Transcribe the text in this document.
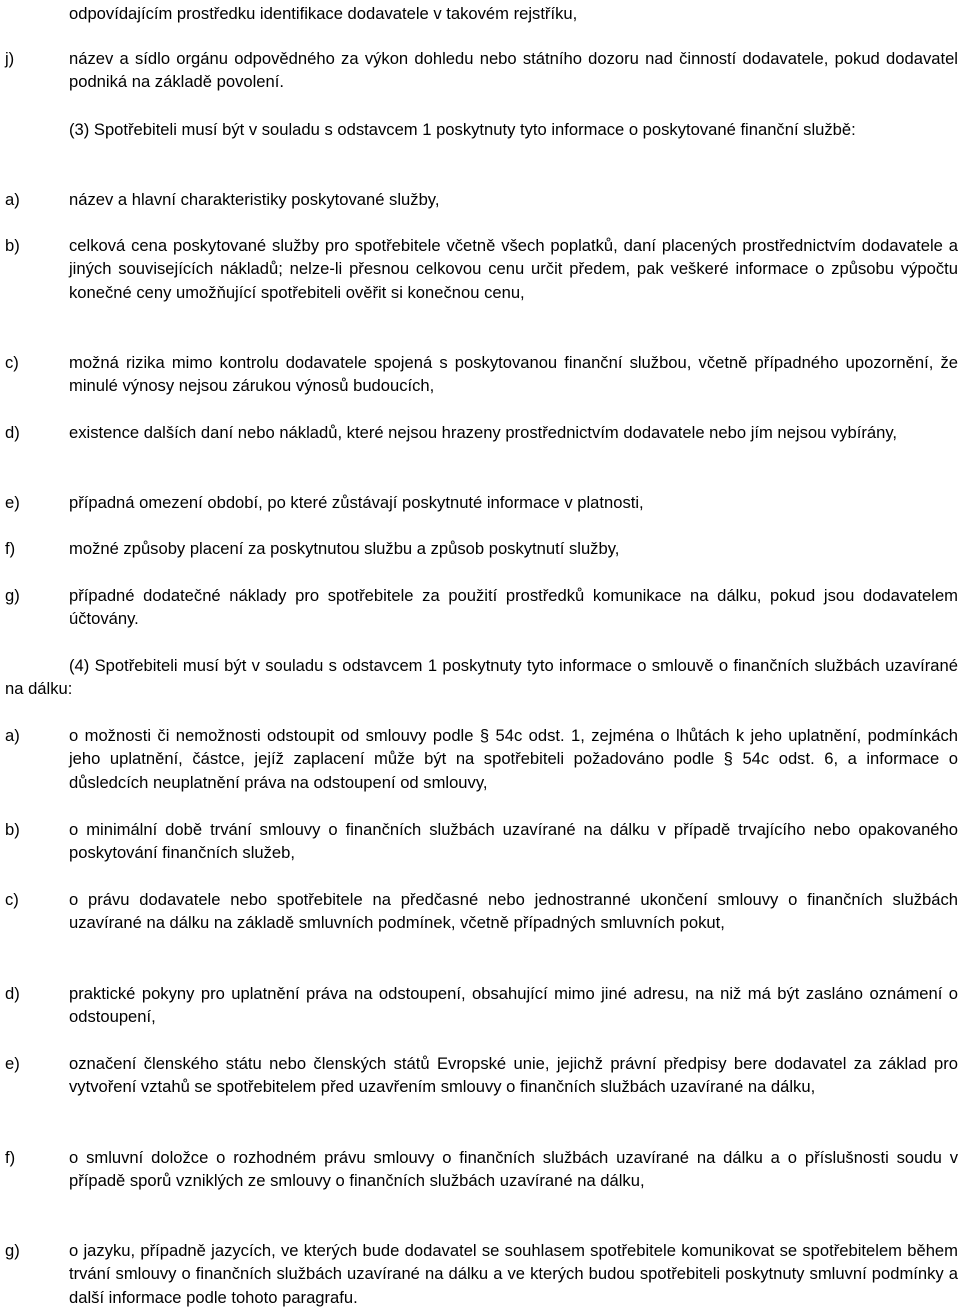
odpovídajícím prostředku identifikace dodavatele v takovém rejstříku,
j)	název a sídlo orgánu odpovědného za výkon dohledu nebo státního dozoru nad činností dodavatele, pokud dodavatel podniká na základě povolení.
(3) Spotřebiteli musí být v souladu s odstavcem 1 poskytnuty tyto informace o poskytované finanční službě:
a)	název a hlavní charakteristiky poskytované služby,
b)	celková cena poskytované služby pro spotřebitele včetně všech poplatků, daní placených prostřednictvím dodavatele a jiných souvisejících nákladů; nelze-li přesnou celkovou cenu určit předem, pak veškeré informace o způsobu výpočtu konečné ceny umožňující spotřebiteli ověřit si konečnou cenu,
c)	možná rizika mimo kontrolu dodavatele spojená s poskytovanou finanční službou, včetně případného upozornění, že minulé výnosy nejsou zárukou výnosů budoucích,
d)	existence dalších daní nebo nákladů, které nejsou hrazeny prostřednictvím dodavatele nebo jím nejsou vybírány,
e)	případná omezení období, po které zůstávají poskytnuté informace v platnosti,
f)	možné způsoby placení za poskytnutou službu a způsob poskytnutí služby,
g)	případné dodatečné náklady pro spotřebitele za použití prostředků komunikace na dálku, pokud jsou dodavatelem účtovány.
(4) Spotřebiteli musí být v souladu s odstavcem 1 poskytnuty tyto informace o smlouvě o finančních službách uzavírané na dálku:
a)	o možnosti či nemožnosti odstoupit od smlouvy podle § 54c odst. 1, zejména o lhůtách k jeho uplatnění, podmínkách jeho uplatnění, částce, jejíž zaplacení může být na spotřebiteli požadováno podle § 54c odst. 6, a informace o důsledcích neuplatnění práva na odstoupení od smlouvy,
b)	o minimální době trvání smlouvy o finančních službách uzavírané na dálku v případě trvajícího nebo opakovaného poskytování finančních služeb,
c)	o právu dodavatele nebo spotřebitele na předčasné nebo jednostranné ukončení smlouvy o finančních službách uzavírané na dálku na základě smluvních podmínek, včetně případných smluvních pokut,
d)	praktické pokyny pro uplatnění práva na odstoupení, obsahující mimo jiné adresu, na niž má být zasláno oznámení o odstoupení,
e)	označení členského státu nebo členských států Evropské unie, jejichž právní předpisy bere dodavatel za základ pro vytvoření vztahů se spotřebitelem před uzavřením smlouvy o finančních službách uzavírané na dálku,
f)	o smluvní doložce o rozhodném právu smlouvy o finančních službách uzavírané na dálku a o příslušnosti soudu v případě sporů vzniklých ze smlouvy o finančních službách uzavírané na dálku,
g)	o jazyku, případně jazycích, ve kterých bude dodavatel se souhlasem spotřebitele komunikovat se spotřebitelem během trvání smlouvy o finančních službách uzavírané na dálku a ve kterých budou spotřebiteli poskytnuty smluvní podmínky a další informace podle tohoto paragrafu.
